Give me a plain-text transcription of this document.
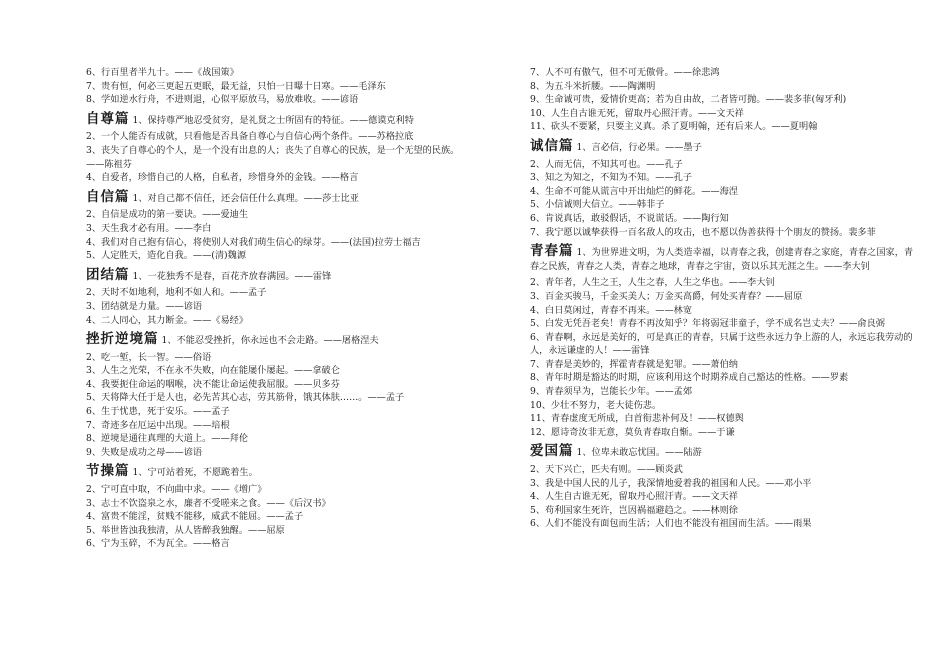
6、行百里者半九十。——《战国策》
7、贵有恒，何必三更起五更眠，最无益，只怕一日曝十日寒。——毛泽东
8、学如逆水行舟，不进则退，心似平原放马，易放难收。——谚语
自尊篇 1、保持尊严地忍受贫穷，是礼贤之士所固有的特征。——德谟克利特
2、一个人能否有成就，只看他是否具备自尊心与自信心两个条件。——苏格拉底
3、丧失了自尊心的个人，是一个没有出息的人；丧失了自尊心的民族，是一个无望的民族。——陈祖芬
4、自爱者，珍惜自己的人格，自私者，珍惜身外的金钱。——格言
自信篇 1、对自己都不信任，还会信任什么真理。——莎士比亚
2、自信是成功的第一要诀。——爱迪生
3、天生我才必有用。——李白
4、我们对自己抱有信心，将使别人对我们萌生信心的绿芽。——(法国)拉劳士福吉
5、人定胜天，造化自我。——(清)魏源
团结篇 1、一花独秀不是春，百花齐放春满园。——雷锋
2、天时不如地利，地利不如人和。——孟子
3、团结就是力量。——谚语
4、二人同心，其力断金。——《易经》
挫折逆境篇 1、不能忍受挫折，你永远也不会走路。——屠格涅夫
2、吃一堑，长一智。——俗语
3、人生之光荣，不在永不失败，向在能屡仆屡起。——拿破仑
4、我要扼住命运的咽喉，决不能让命运使我屈服。——贝多芬
5、天将降大任于是人也，必先苦其心志，劳其筋骨，饿其体肤……。——孟子
6、生于忧患，死于安乐。——孟子
7、奇迹多在厄运中出现。——培根
8、逆境是通往真理的大道上。——拜伦
9、失败是成功之母——谚语
节操篇 1、宁可站着死，不愿跪着生。
2、宁可直中取，不向曲中求。——《增广》
3、志士不饮盗泉之水，廉者不受嗟来之食。——《后汉书》
4、富贵不能淫，贫贱不能移，威武不能屈。——孟子
5、举世皆浊我独清，从人皆醉我独醒。——屈原
6、宁为玉碎，不为瓦全。——格言
7、人不可有傲气，但不可无傲骨。——徐悲鸿
8、为五斗米折腰。——陶渊明
9、生命诚可贵，爱情价更高；若为自由故，二者皆可抛。——裴多菲(匈牙利)
10、人生自古谁无死，留取丹心照汗青。——文天祥
11、砍头不要紧，只要主义真。杀了夏明翰，还有后来人。——夏明翰
诚信篇 1、言必信，行必果。——墨子
2、人而无信，不知其可也。——孔子
3、知之为知之，不知为不知。——孔子
4、生命不可能从谎言中开出灿烂的鲜花。——海涅
5、小信诚则大信立。——韩非子
6、肯说真话，敢驳假话，不说谎话。——陶行知
7、我宁愿以诚挚获得一百名敌人的攻击，也不愿以伪善获得十个朋友的赞扬。裴多菲
青春篇 1、为世界进文明，为人类造幸福，以青春之我，创建青春之家庭，青春之国家，青春之民族，青春之人类，青春之地球，青春之宇宙，资以乐其无涯之生。——李大钊
2、青年者，人生之王，人生之春，人生之华也。——李大钊
3、百金买骏马，千金买美人；万金买高爵，何处买青春？——屈原
4、白日莫闲过，青春不再来。——林宽
5、白发无凭吾老矣！青春不再汝知乎？年将弱冠非童子，学不成名岂丈夫？——俞良弼
6、青春啊，永远是美好的，可是真正的青春，只属于这些永远力争上游的人，永远忘我劳动的人，永远谦虚的人！——雷锋
7、青春是美妙的，挥霍青春就是犯罪。——萧伯纳
8、青年时期是豁达的时期，应该利用这个时期养成自己豁达的性格。——罗素
9、青春须早为，岂能长少年。——孟郊
10、少壮不努力，老大徒伤悲。
11、青春虚度无所成，白首衔悲补何及！——权德舆
12、愿诗奇汝非无意，莫负青春取自惭。——于谦
爱国篇 1、位卑未敢忘忧国。——陆游
2、天下兴亡，匹夫有则。——顾炎武
3、我是中国人民的儿子，我深情地爱着我的祖国和人民。——邓小平
4、人生自古谁无死，留取丹心照汗青。——文天祥
5、苟利国家生死许，岂因祸福避趋之。——林则徐
6、人们不能没有面包而生活；人们也不能没有祖国而生活。——雨果
